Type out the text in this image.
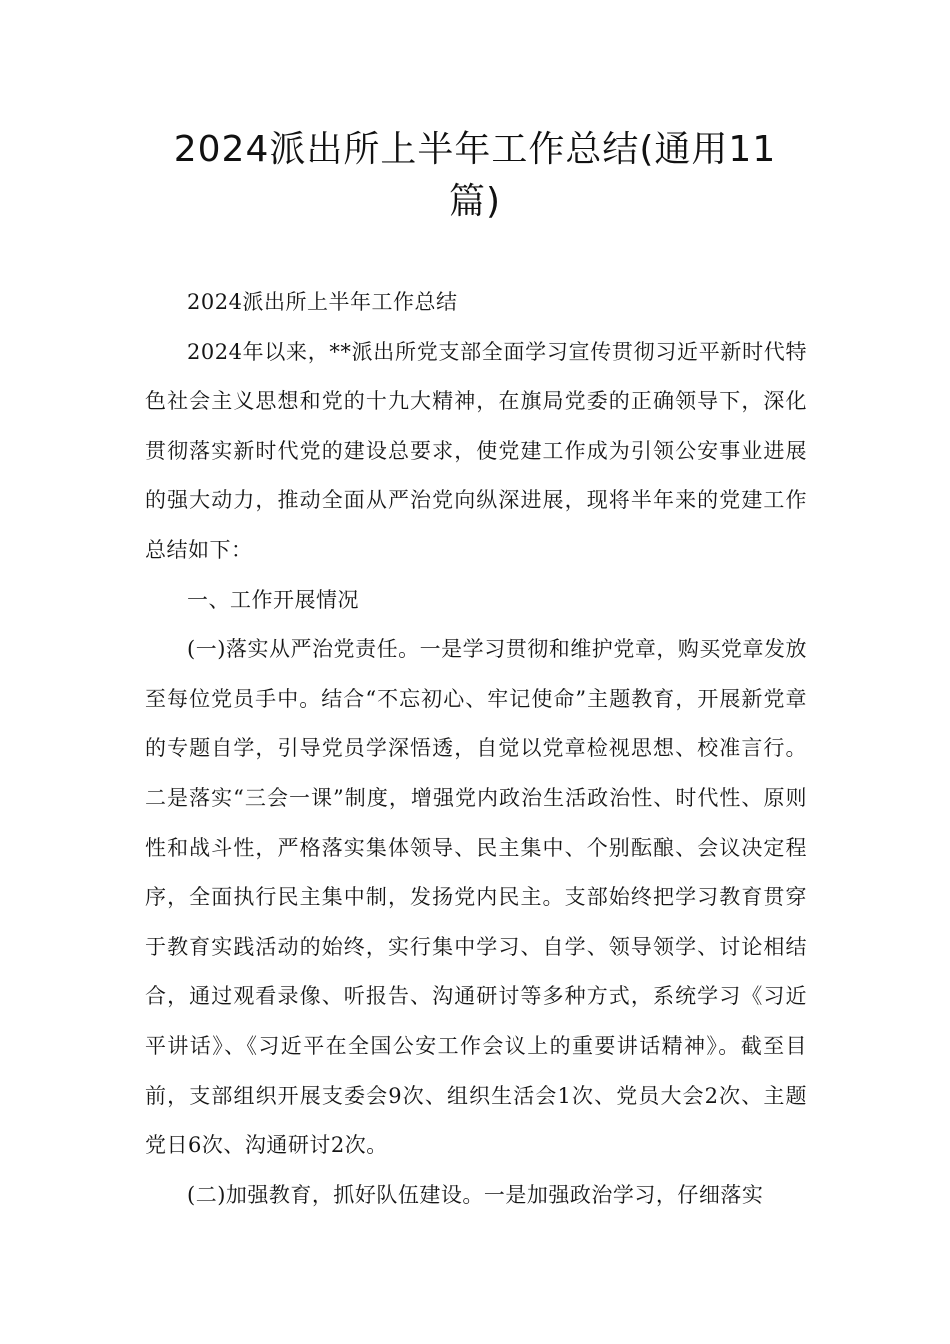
2024派出所上半年工作总结(通用11
篇)

2024派出所上半年工作总结

2024年以来，**派出所党支部全面学习宣传贯彻习近平新时代特色社会主义思想和党的十九大精神，在旗局党委的正确领导下，深化贯彻落实新时代党的建设总要求，使党建工作成为引领公安事业进展的强大动力，推动全面从严治党向纵深进展，现将半年来的党建工作总结如下：

一、工作开展情况

(一)落实从严治党责任。一是学习贯彻和维护党章，购买党章发放至每位党员手中。结合“不忘初心、牢记使命”主题教育，开展新党章的专题自学，引导党员学深悟透，自觉以党章检视思想、校准言行。二是落实“三会一课”制度，增强党内政治生活政治性、时代性、原则性和战斗性，严格落实集体领导、民主集中、个别酝酿、会议决定程序，全面执行民主集中制，发扬党内民主。支部始终把学习教育贯穿于教育实践活动的始终，实行集中学习、自学、领导领学、讨论相结合，通过观看录像、听报告、沟通研讨等多种方式，系统学习《习近平讲话》、《习近平在全国公安工作会议上的重要讲话精神》。截至目前，支部组织开展支委会9次、组织生活会1次、党员大会2次、主题党日6次、沟通研讨2次。

(二)加强教育，抓好队伍建设。一是加强政治学习，仔细落实
